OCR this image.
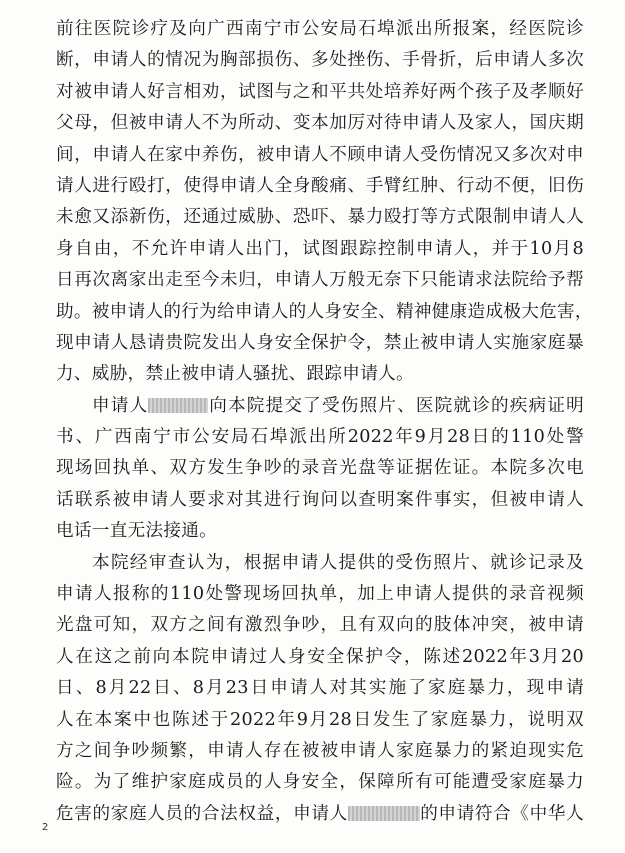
前往医院诊疗及向广西南宁市公安局石埠派出所报案，经医院诊
断，申请人的情况为胸部损伤、多处挫伤、手骨折，后申请人多次
对被申请人好言相劝，试图与之和平共处培养好两个孩子及孝顺好
父母，但被申请人不为所动、变本加厉对待申请人及家人，国庆期
间，申请人在家中养伤，被申请人不顾申请人受伤情况又多次对申
请人进行殴打，使得申请人全身酸痛、手臂红肿、行动不便，旧伤
未愈又添新伤，还通过威胁、恐吓、暴力殴打等方式限制申请人人
身自由，不允许申请人出门，试图跟踪控制申请人，并于10月8
日再次离家出走至今未归，申请人万般无奈下只能请求法院给予帮
助。被申请人的行为给申请人的人身安全、精神健康造成极大危害，
现申请人恳请贵院发出人身安全保护令，禁止被申请人实施家庭暴
力、威胁，禁止被申请人骚扰、跟踪申请人。
申请人	向本院提交了受伤照片、医院就诊的疾病证明
书、广西南宁市公安局石埠派出所2022年9月28日的110处警
现场回执单、双方发生争吵的录音光盘等证据佐证。本院多次电
话联系被申请人要求对其进行询问以查明案件事实，但被申请人
电话一直无法接通。
本院经审查认为，根据申请人提供的受伤照片、就诊记录及
申请人报称的110处警现场回执单，加上申请人提供的录音视频
光盘可知，双方之间有激烈争吵，且有双向的肢体冲突，被申请
人在这之前向本院申请过人身安全保护令，陈述2022年3月20
日、8月22日、8月23日申请人对其实施了家庭暴力，现申请
人在本案中也陈述于2022年9月28日发生了家庭暴力，说明双
方之间争吵频繁，申请人存在被被申请人家庭暴力的紧迫现实危
险。为了维护家庭成员的人身安全，保障所有可能遭受家庭暴力
危害的家庭人员的合法权益，申请人	的申请符合《中华人
2
